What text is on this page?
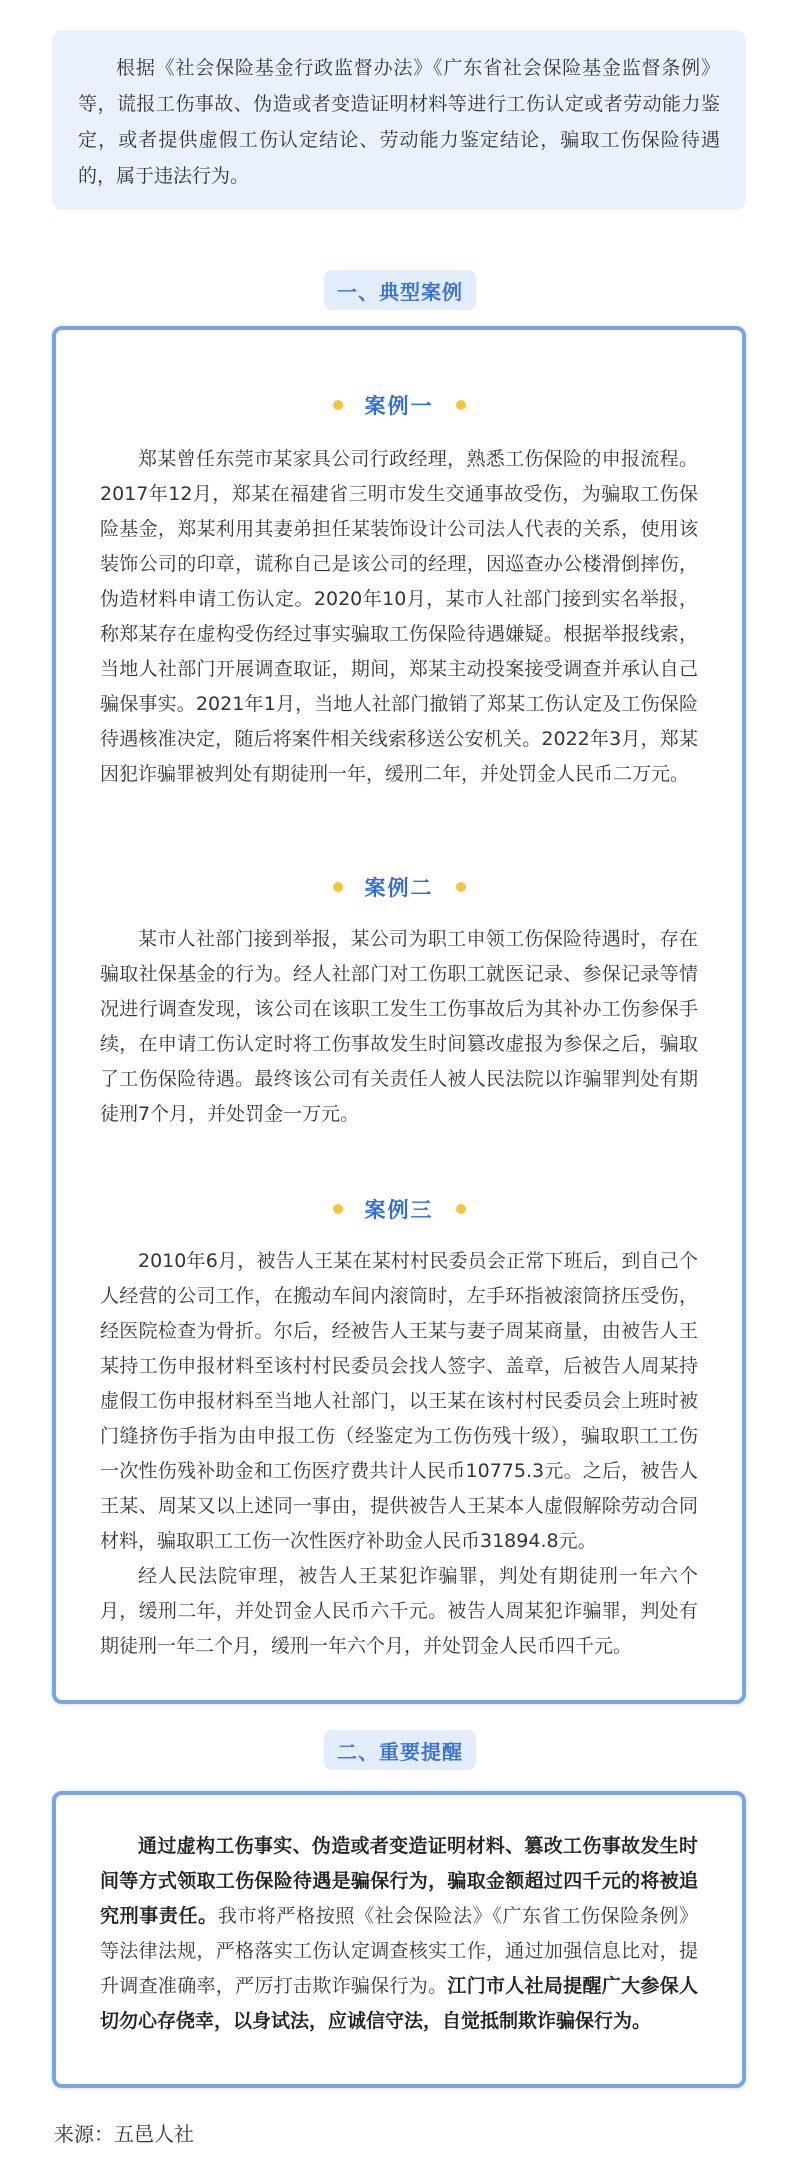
根据《社会保险基金行政监督办法》《广东省社会保险基金监督条例》等，谎报工伤事故、伪造或者变造证明材料等进行工伤认定或者劳动能力鉴定，或者提供虚假工伤认定结论、劳动能力鉴定结论，骗取工伤保险待遇的，属于违法行为。

一、典型案例
案例一

郑某曾任东莞市某家具公司行政经理，熟悉工伤保险的申报流程。2017年12月，郑某在福建省三明市发生交通事故受伤，为骗取工伤保险基金，郑某利用其妻弟担任某装饰设计公司法人代表的关系，使用该装饰公司的印章，谎称自己是该公司的经理，因巡查办公楼滑倒摔伤，伪造材料申请工伤认定。2020年10月，某市人社部门接到实名举报，称郑某存在虚构受伤经过事实骗取工伤保险待遇嫌疑。根据举报线索，当地人社部门开展调查取证，期间，郑某主动投案接受调查并承认自己骗保事实。2021年1月，当地人社部门撤销了郑某工伤认定及工伤保险待遇核准决定，随后将案件相关线索移送公安机关。2022年3月，郑某因犯诈骗罪被判处有期徒刑一年，缓刑二年，并处罚金人民币二万元。

案例二

某市人社部门接到举报，某公司为职工申领工伤保险待遇时，存在骗取社保基金的行为。经人社部门对工伤职工就医记录、参保记录等情况进行调查发现，该公司在该职工发生工伤事故后为其补办工伤参保手续，在申请工伤认定时将工伤事故发生时间篡改虚报为参保之后，骗取了工伤保险待遇。最终该公司有关责任人被人民法院以诈骗罪判处有期徒刑7个月，并处罚金一万元。

案例三

2010年6月，被告人王某在某村村民委员会正常下班后，到自己个人经营的公司工作，在搬动车间内滚筒时，左手环指被滚筒挤压受伤，经医院检查为骨折。尔后，经被告人王某与妻子周某商量，由被告人王某持工伤申报材料至该村村民委员会找人签字、盖章，后被告人周某持虚假工伤申报材料至当地人社部门，以王某在该村村民委员会上班时被门缝挤伤手指为由申报工伤（经鉴定为工伤伤残十级），骗取职工工伤一次性伤残补助金和工伤医疗费共计人民币10775.3元。之后，被告人王某、周某又以上述同一事由，提供被告人王某本人虚假解除劳动合同材料，骗取职工工伤一次性医疗补助金人民币31894.8元。

经人民法院审理，被告人王某犯诈骗罪，判处有期徒刑一年六个月，缓刑二年，并处罚金人民币六千元。被告人周某犯诈骗罪，判处有期徒刑一年二个月，缓刑一年六个月，并处罚金人民币四千元。

二、重要提醒

通过虚构工伤事实、伪造或者变造证明材料、篡改工伤事故发生时间等方式领取工伤保险待遇是骗保行为，骗取金额超过四千元的将被追究刑事责任。我市将严格按照《社会保险法》《广东省工伤保险条例》等法律法规，严格落实工伤认定调查核实工作，通过加强信息比对，提升调查准确率，严厉打击欺诈骗保行为。江门市人社局提醒广大参保人切勿心存侥幸，以身试法，应诚信守法，自觉抵制欺诈骗保行为。

来源：五邑人社
